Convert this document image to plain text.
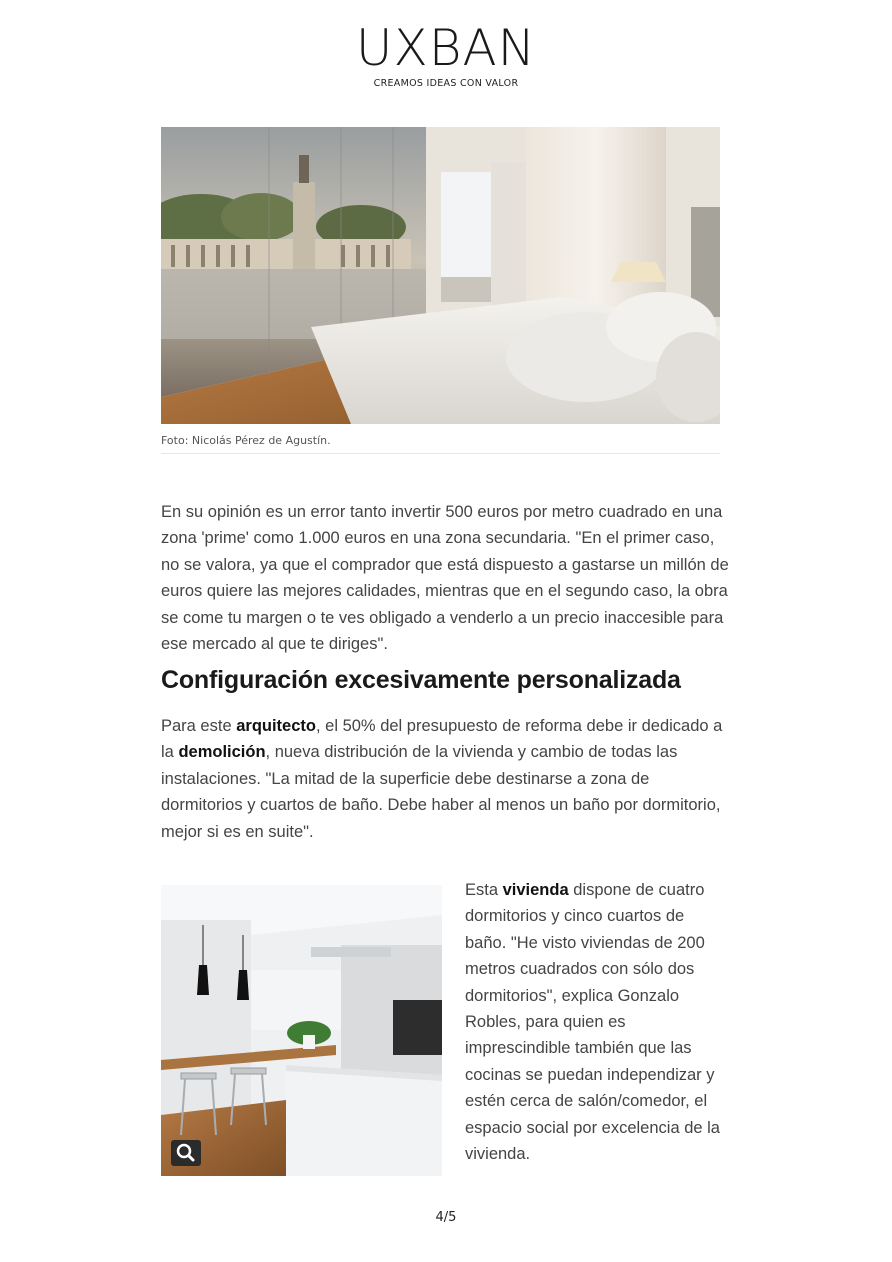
UXBAN
CREAMOS IDEAS CON VALOR
Foto: Nicolás Pérez de Agustín.

En su opinión es un error tanto invertir 500 euros por metro cuadrado en una zona 'prime' como 1.000 euros en una zona secundaria. "En el primer caso, no se valora, ya que el comprador que está dispuesto a gastarse un millón de euros quiere las mejores calidades, mientras que en el segundo caso, la obra se come tu margen o te ves obligado a venderlo a un precio inaccesible para ese mercado al que te diriges".

Configuración excesivamente personalizada

Para este arquitecto, el 50% del presupuesto de reforma debe ir dedicado a la demolición, nueva distribución de la vivienda y cambio de todas las instalaciones. "La mitad de la superficie debe destinarse a zona de dormitorios y cuartos de baño. Debe haber al menos un baño por dormitorio, mejor si es en suite".

Esta vivienda dispone de cuatro dormitorios y cinco cuartos de baño. "He visto viviendas de 200 metros cuadrados con sólo dos dormitorios", explica Gonzalo Robles, para quien es imprescindible también que las cocinas se puedan independizar y estén cerca de salón/comedor, el espacio social por excelencia de la vivienda.

4/5
